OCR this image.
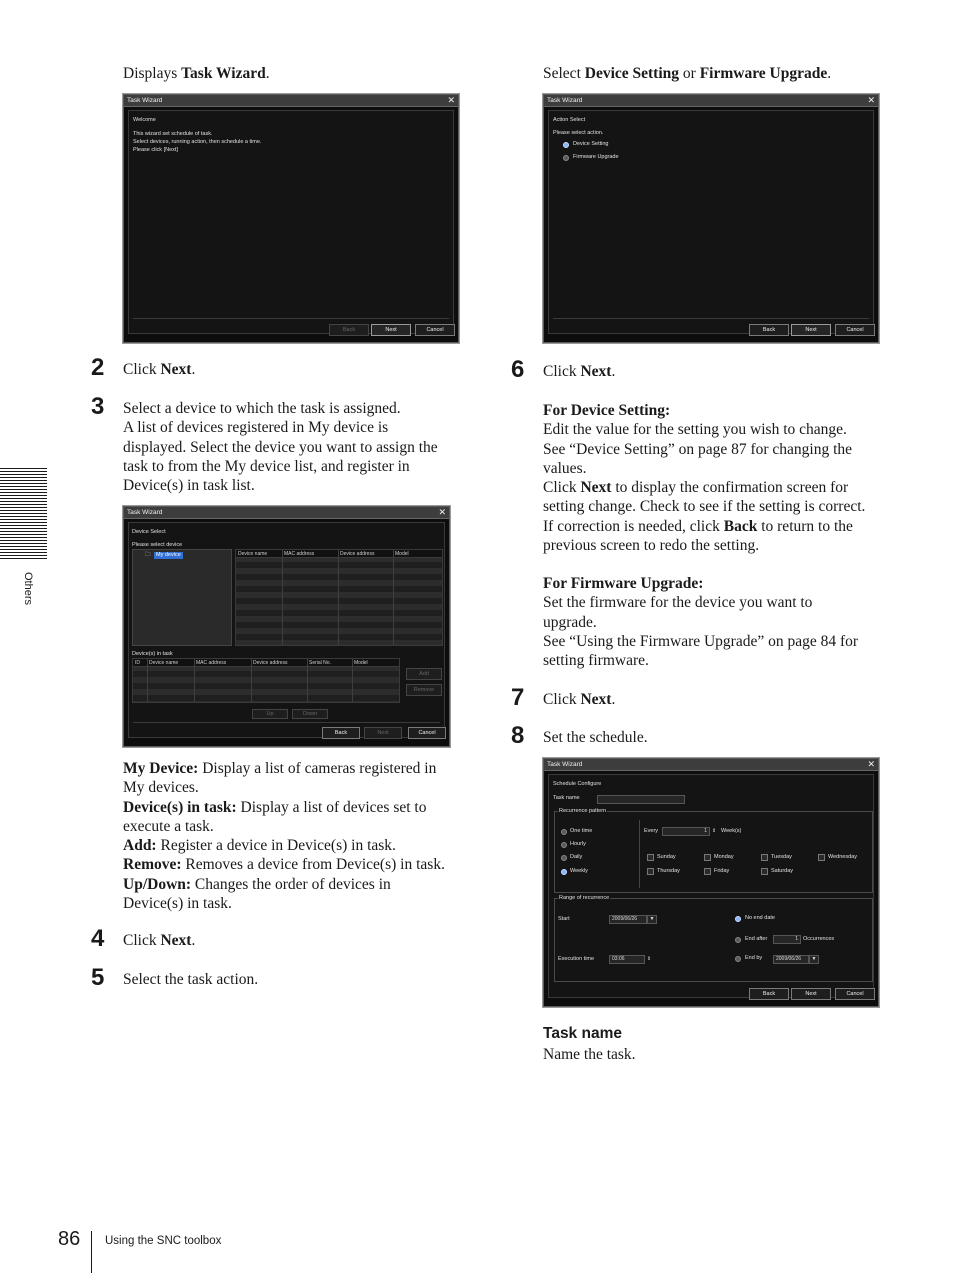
Others
Displays Task Wizard.
Task Wizard	✕
Welcome
This wizard set schedule of task.
Select devices, running action, then schedule a time.
Please click [Next]
Back	Next	Cancel
2 Click Next.
3 Select a device to which the task is assigned.
A list of devices registered in My device is
displayed. Select the device you want to assign the
task to from the My device list, and register in
Device(s) in task list.
Task Wizard	✕
Device Select
Please select device
🗀 My device	Device name	MAC address	Device address	Model
Device(s) in task
ID Device name	MAC address	Device address	Serial No.	Model
Add
Remove
Up	Down
Back	Next	Cancel
My Device: Display a list of cameras registered in
My devices.
Device(s) in task: Display a list of devices set to
execute a task.
Add: Register a device in Device(s) in task.
Remove: Removes a device from Device(s) in task.
Up/Down: Changes the order of devices in
Device(s) in task.
4 Click Next.
5 Select the task action.
Select Device Setting or Firmware Upgrade.
Task Wizard	✕
Action Select
Please select action.
Device Setting
Firmware Upgrade
Back	Next	Cancel
6 Click Next.
For Device Setting:
Edit the value for the setting you wish to change.
See “Device Setting” on page 87 for changing the
values.
Click Next to display the confirmation screen for
setting change. Check to see if the setting is correct.
If correction is needed, click Back to return to the
previous screen to redo the setting.
For Firmware Upgrade:
Set the firmware for the device you want to
upgrade.
See “Using the Firmware Upgrade” on page 84 for
setting firmware.
7 Click Next.
8 Set the schedule.
Task Wizard	✕
Schedule Configure
Task name
Recurrence pattern
One time
Hourly
Daily
Weekly
Every	1	⇕ Week(s)
Sunday	Monday	Tuesday	Wednesday
Thursday	Friday	Saturday
Range of recurrence
Start	2009/06/26	▼
Execution time	03:06	⇕
No end date
End after	1 Occurrences
End by	2009/06/26	▼
Back	Next	Cancel
Task name
Name the task.
86 Using the SNC toolbox
